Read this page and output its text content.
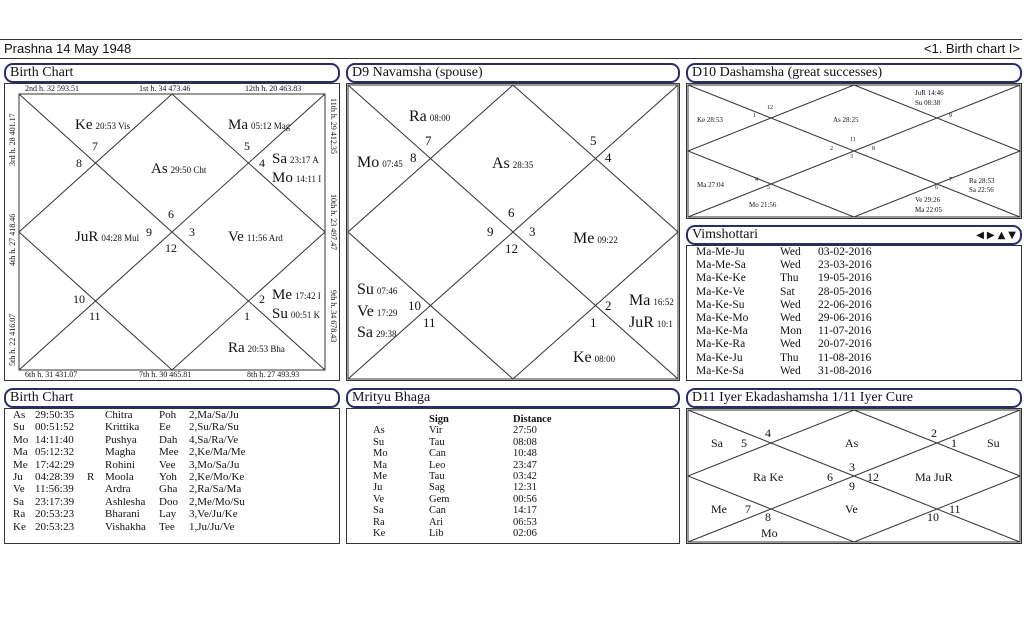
Prashna 14 May 1948	<1. Birth chart I>
Birth Chart
2nd h. 32 593.51	1st h. 34 473.46	12th h. 20 463.83
6th h. 31 431.07	7th h. 30 465.81	8th h. 27 493.93
3rd h. 28 401.17
4th h. 27 418.46
5th h. 22 416.07
11th h. 29 412.35
10th h. 23 497.47
9th h. 34 678.43
Ke 20:53 Vis	Ma 05:12 Mag
As 29:50 Cht
Sa 23:17 A
Mo 14:11 I
JuR 04:28 Mul	Ve 11:56 Ard
Me 17:42 I
Su 00:51 K
Ra 20:53 Bha
7
8
5
4
6
9	3
12
10
11
2
1
D9 Navamsha (spouse)
Ra 08:00
Mo 07:45	As 28:35
Me 09:22
Su 07:46
Ve 17:29
Sa 29:38
Ma 16:52
JuR 10:1
Ke 08:00
7
8
5
4
6
9	3
12
10
11
2
1
D10 Dashamsha (great successes)
JuR 14:46
Su 08:38
Ke 28:53	As 28:25
Ma 27:04
Mo 21:56
Ra 28:53
Sa 22:56
Ve 29:26
Ma 22:05
12
1	9
11
2	8
3
4	7
6
5
Vimshottari	◀ ▶ ▲ ▼
Ma-Me-Ju	Wed 03-02-2016
Ma-Me-Sa	Wed 23-03-2016
Ma-Ke-Ke	Thu 19-05-2016
Ma-Ke-Ve	Sat 28-05-2016
Ma-Ke-Su	Wed 22-06-2016
Ma-Ke-Mo	Wed 29-06-2016
Ma-Ke-Ma	Mon 11-07-2016
Ma-Ke-Ra	Wed 20-07-2016
Ma-Ke-Ju	Thu 11-08-2016
Ma-Ke-Sa	Wed 31-08-2016
Birth Chart
As	29:50:35		Chitra	Poh	2,Ma/Sa/Ju
Su	00:51:52		Krittika	Ee	2,Su/Ra/Su
Mo	14:11:40		Pushya	Dah	4,Sa/Ra/Ve
Ma	05:12:32		Magha	Mee	2,Ke/Ma/Me
Me	17:42:29		Rohini	Vee	3,Mo/Sa/Ju
Ju	04:28:39	R	Moola	Yoh	2,Ke/Mo/Ke
Ve	11:56:39		Ardra	Gha	2,Ra/Sa/Ma
Sa	23:17:39		Ashlesha	Doo	2,Me/Mo/Su
Ra	20:53:23		Bharani	Lay	3,Ve/Ju/Ke
Ke	20:53:23		Vishakha	Tee	1,Ju/Ju/Ve
Mrityu Bhaga
	Sign	Distance
As	Vir	27:50
Su	Tau	08:08
Mo	Can	10:48
Ma	Leo	23:47
Me	Tau	03:42
Ju	Sag	12:31
Ve	Gem	00:56
Sa	Can	14:17
Ra	Ari	06:53
Ke	Lib	02:06
D11 Iyer Ekadashamsha 1/11 Iyer Cure
Sa	As	Su
Ra Ke	Ma JuR
Me	Ve
Mo
5
4	2
1
6
3
9
12
7
8	10
11
